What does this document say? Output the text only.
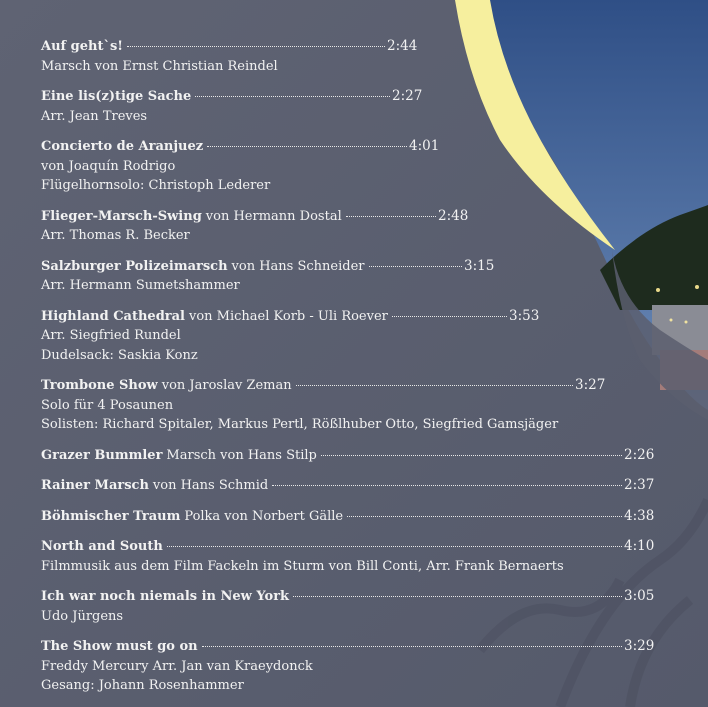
Auf geht`s!	2:44
Marsch von Ernst Christian Reindel
Eine lis(z)tige Sache	2:27
Arr. Jean Treves
Concierto de Aranjuez	4:01
von Joaquín Rodrigo
Flügelhornsolo: Christoph Lederer
Flieger-Marsch-Swing von Hermann Dostal	2:48
Arr. Thomas R. Becker
Salzburger Polizeimarsch von Hans Schneider	3:15
Arr. Hermann Sumetshammer
Highland Cathedral von Michael Korb - Uli Roever	3:53
Arr. Siegfried Rundel
Dudelsack: Saskia Konz
Trombone Show von Jaroslav Zeman	3:27
Solo für 4 Posaunen
Solisten: Richard Spitaler, Markus Pertl, Rößlhuber Otto, Siegfried Gamsjäger
Grazer Bummler Marsch von Hans Stilp	2:26
Rainer Marsch von Hans Schmid	2:37
Böhmischer Traum Polka von Norbert Gälle	4:38
North and South	4:10
Filmmusik aus dem Film Fackeln im Sturm von Bill Conti, Arr. Frank Bernaerts
Ich war noch niemals in New York	3:05
Udo Jürgens
The Show must go on	3:29
Freddy Mercury Arr. Jan van Kraeydonck
Gesang: Johann Rosenhammer
